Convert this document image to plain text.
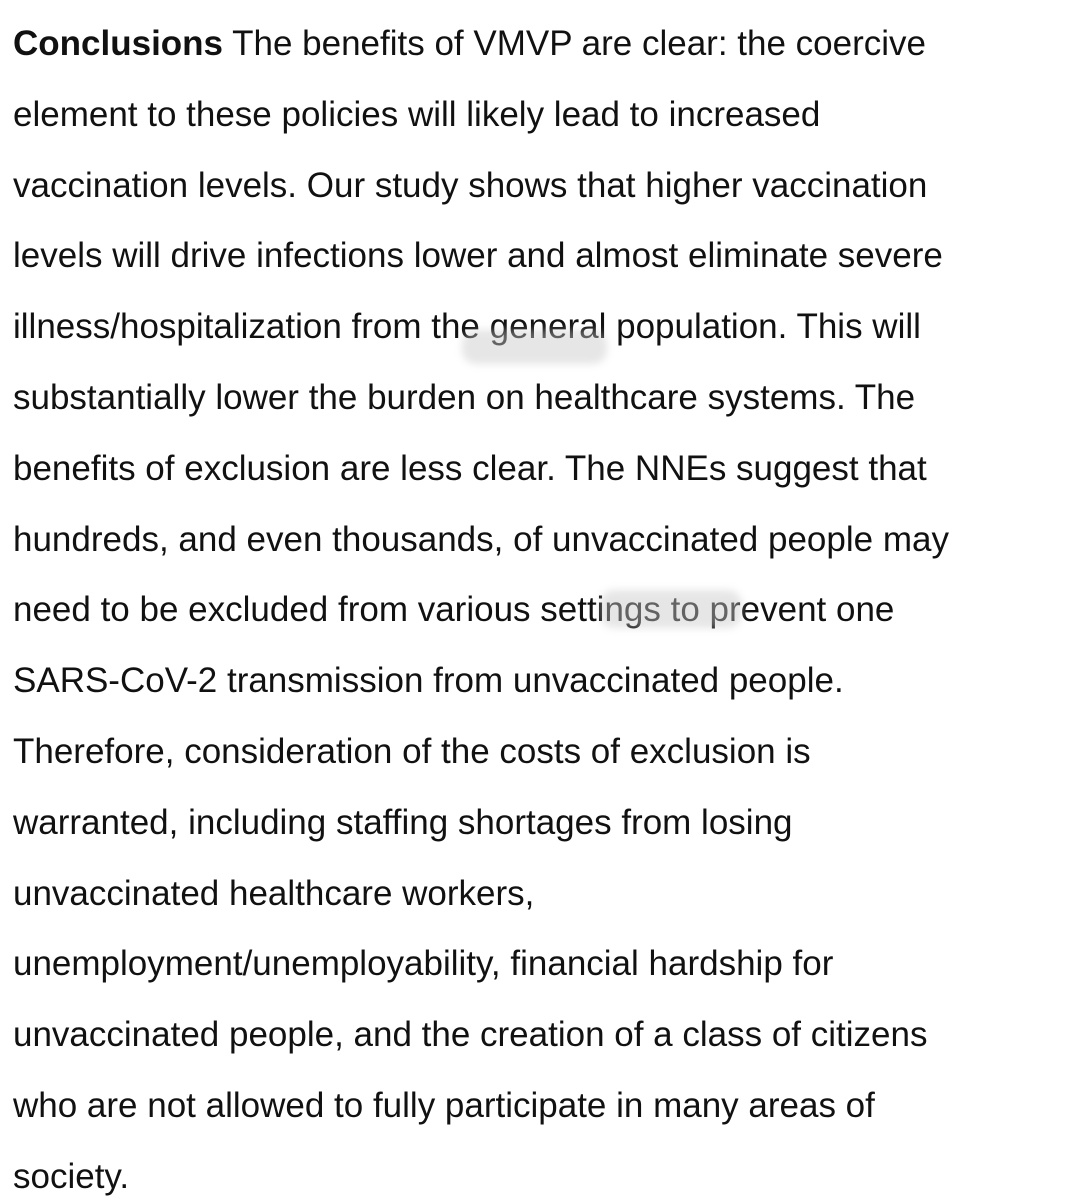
Conclusions The benefits of VMVP are clear: the coercive
element to these policies will likely lead to increased
vaccination levels. Our study shows that higher vaccination
levels will drive infections lower and almost eliminate severe
illness/hospitalization from the general population. This will
substantially lower the burden on healthcare systems. The
benefits of exclusion are less clear. The NNEs suggest that
hundreds, and even thousands, of unvaccinated people may
need to be excluded from various settings to prevent one
SARS-CoV-2 transmission from unvaccinated people.
Therefore, consideration of the costs of exclusion is
warranted, including staffing shortages from losing
unvaccinated healthcare workers,
unemployment/unemployability, financial hardship for
unvaccinated people, and the creation of a class of citizens
who are not allowed to fully participate in many areas of
society.
